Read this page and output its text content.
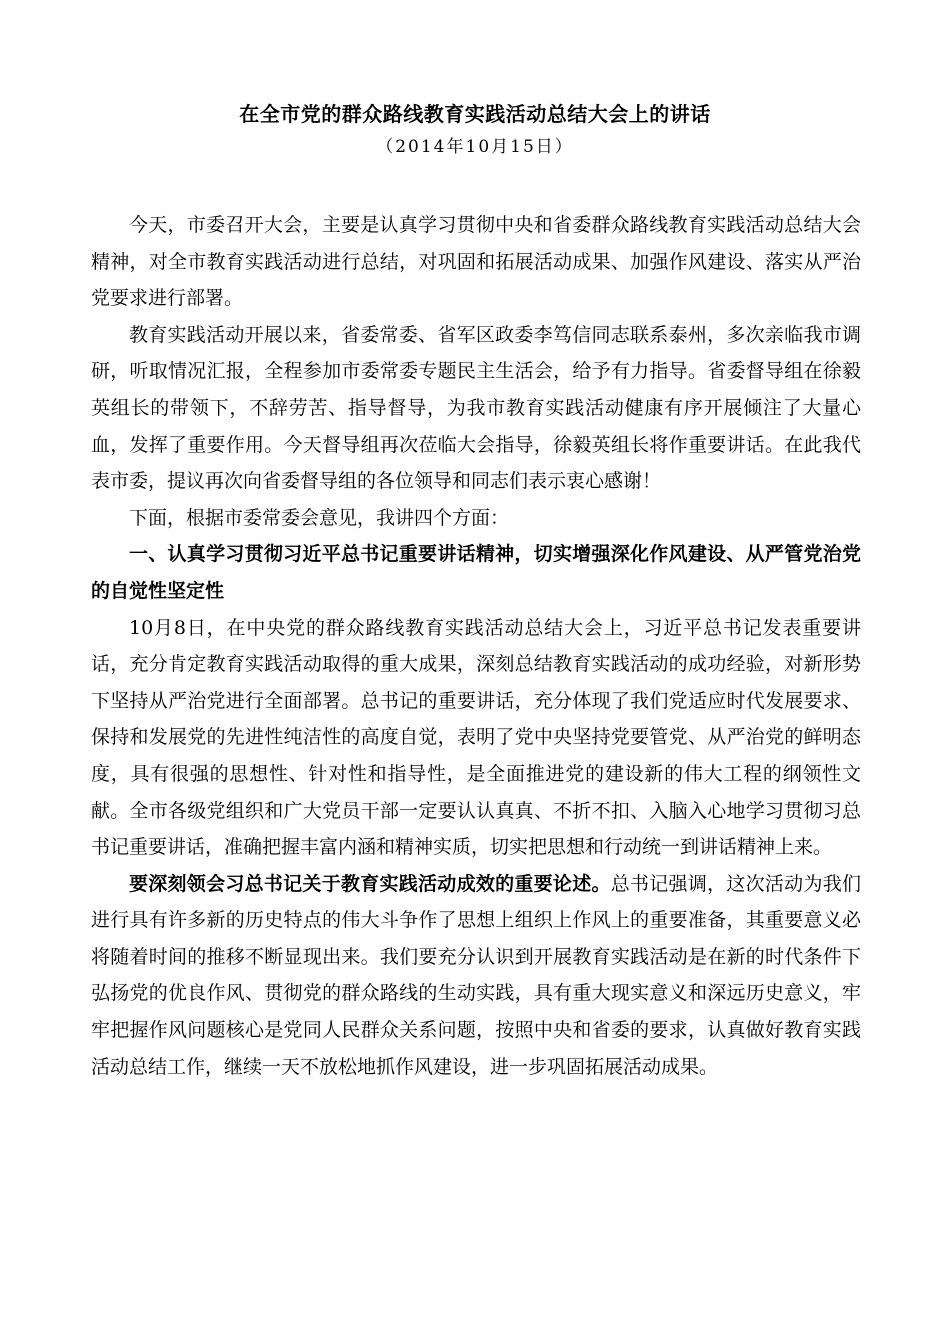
在全市党的群众路线教育实践活动总结大会上的讲话
（2014年10月15日）

今天，市委召开大会，主要是认真学习贯彻中央和省委群众路线教育实践活动总结大会精神，对全市教育实践活动进行总结，对巩固和拓展活动成果、加强作风建设、落实从严治党要求进行部署。

教育实践活动开展以来，省委常委、省军区政委李笃信同志联系泰州，多次亲临我市调研，听取情况汇报，全程参加市委常委专题民主生活会，给予有力指导。省委督导组在徐毅英组长的带领下，不辞劳苦、指导督导，为我市教育实践活动健康有序开展倾注了大量心血，发挥了重要作用。今天督导组再次莅临大会指导，徐毅英组长将作重要讲话。在此我代表市委，提议再次向省委督导组的各位领导和同志们表示衷心感谢！

下面，根据市委常委会意见，我讲四个方面：

一、认真学习贯彻习近平总书记重要讲话精神，切实增强深化作风建设、从严管党治党的自觉性坚定性

10月8日，在中央党的群众路线教育实践活动总结大会上，习近平总书记发表重要讲话，充分肯定教育实践活动取得的重大成果，深刻总结教育实践活动的成功经验，对新形势下坚持从严治党进行全面部署。总书记的重要讲话，充分体现了我们党适应时代发展要求、保持和发展党的先进性纯洁性的高度自觉，表明了党中央坚持党要管党、从严治党的鲜明态度，具有很强的思想性、针对性和指导性，是全面推进党的建设新的伟大工程的纲领性文献。全市各级党组织和广大党员干部一定要认认真真、不折不扣、入脑入心地学习贯彻习总书记重要讲话，准确把握丰富内涵和精神实质，切实把思想和行动统一到讲话精神上来。

要深刻领会习总书记关于教育实践活动成效的重要论述。总书记强调，这次活动为我们进行具有许多新的历史特点的伟大斗争作了思想上组织上作风上的重要准备，其重要意义必将随着时间的推移不断显现出来。我们要充分认识到开展教育实践活动是在新的时代条件下弘扬党的优良作风、贯彻党的群众路线的生动实践，具有重大现实意义和深远历史意义，牢牢把握作风问题核心是党同人民群众关系问题，按照中央和省委的要求，认真做好教育实践活动总结工作，继续一天不放松地抓作风建设，进一步巩固拓展活动成果。
